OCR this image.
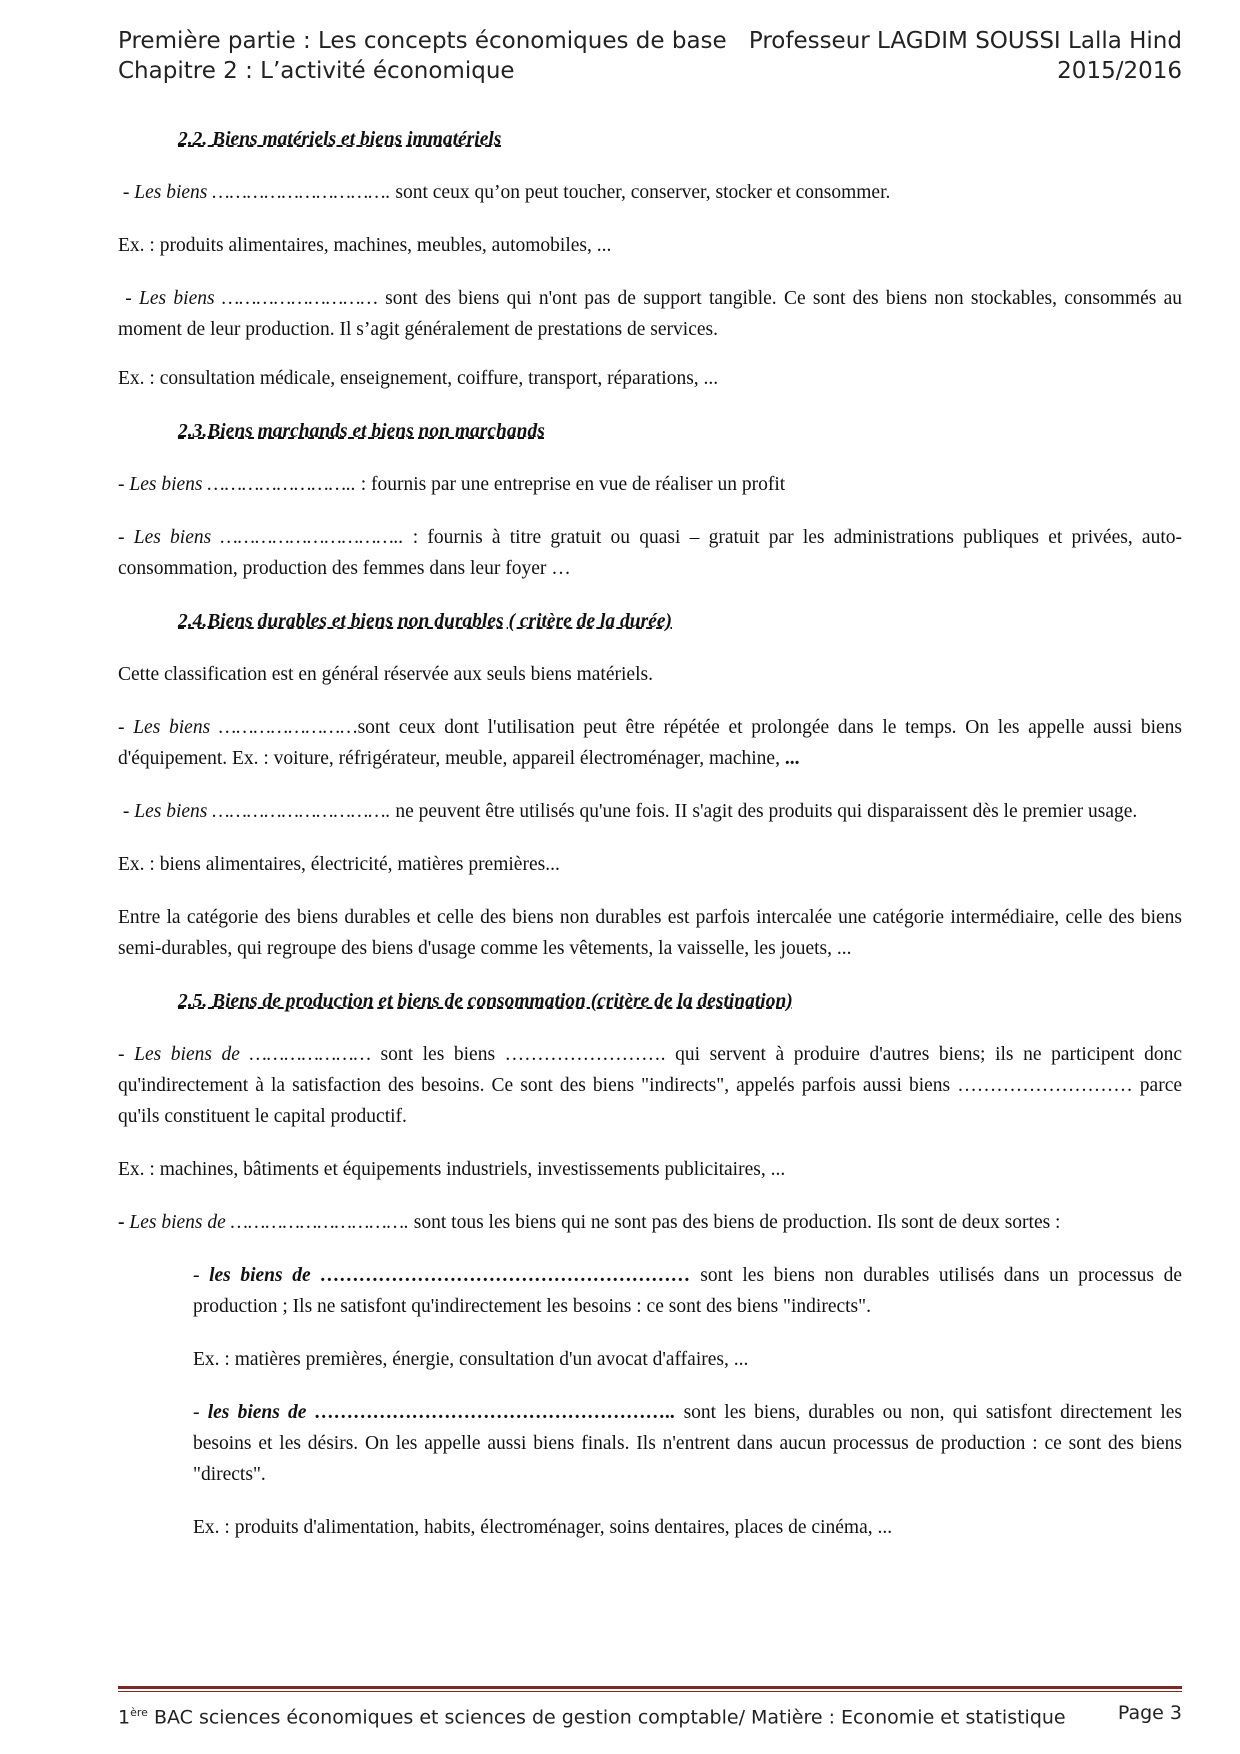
Première partie : Les concepts économiques de base Professeur LAGDIM SOUSSI Lalla Hind
Chapitre 2 : L’activité économique	2015/2016
2.2. Biens matériels et biens immatériels

- Les biens …………………………. sont ceux qu’on peut toucher, conserver, stocker et consommer.

Ex. : produits alimentaires, machines, meubles, automobiles, ...

- Les biens ……………………… sont des biens qui n'ont pas de support tangible. Ce sont des biens non stockables, consommés au moment de leur production. Il s’agit généralement de prestations de services.

Ex. : consultation médicale, enseignement, coiffure, transport, réparations, ...

2.3.Biens marchands et biens non marchands

- Les biens …………………….. : fournis par une entreprise en vue de réaliser un profit

- Les biens ………………………….. : fournis à titre gratuit ou quasi – gratuit par les administrations publiques et privées, auto- consommation, production des femmes dans leur foyer …

2.4.Biens durables et biens non durables ( critère de la durée)

Cette classification est en général réservée aux seuls biens matériels.

- Les biens ……………………sont ceux dont l'utilisation peut être répétée et prolongée dans le temps. On les appelle aussi biens d'équipement. Ex. : voiture, réfrigérateur, meuble, appareil électroménager, machine, ...

- Les biens …………………………. ne peuvent être utilisés qu'une fois. II s'agit des produits qui disparaissent dès le premier usage.

Ex. : biens alimentaires, électricité, matières premières...

Entre la catégorie des biens durables et celle des biens non durables est parfois intercalée une catégorie intermédiaire, celle des biens semi-durables, qui regroupe des biens d'usage comme les vêtements, la vaisselle, les jouets, ...

2.5. Biens de production et biens de consommation (critère de la destination)

- Les biens de ………………… sont les biens ……………………. qui servent à produire d'autres biens; ils ne participent donc qu'indirectement à la satisfaction des besoins. Ce sont des biens "indirects", appelés parfois aussi biens ……………………… parce qu'ils constituent le capital productif.

Ex. : machines, bâtiments et équipements industriels, investissements publicitaires, ...

- Les biens de …………………………. sont tous les biens qui ne sont pas des biens de production. Ils sont de deux sortes :

- les biens de ………………………………………………… sont les biens non durables utilisés dans un processus de production ; Ils ne satisfont qu'indirectement les besoins : ce sont des biens "indirects".

Ex. : matières premières, énergie, consultation d'un avocat d'affaires, ...

- les biens de ……………………………………………….. sont les biens, durables ou non, qui satisfont directement les besoins et les désirs. On les appelle aussi biens finals. Ils n'entrent dans aucun processus de production : ce sont des biens "directs".

Ex. : produits d'alimentation, habits, électroménager, soins dentaires, places de cinéma, ...

1ère BAC sciences économiques et sciences de gestion comptable/ Matière : Economie et statistique	Page 3
